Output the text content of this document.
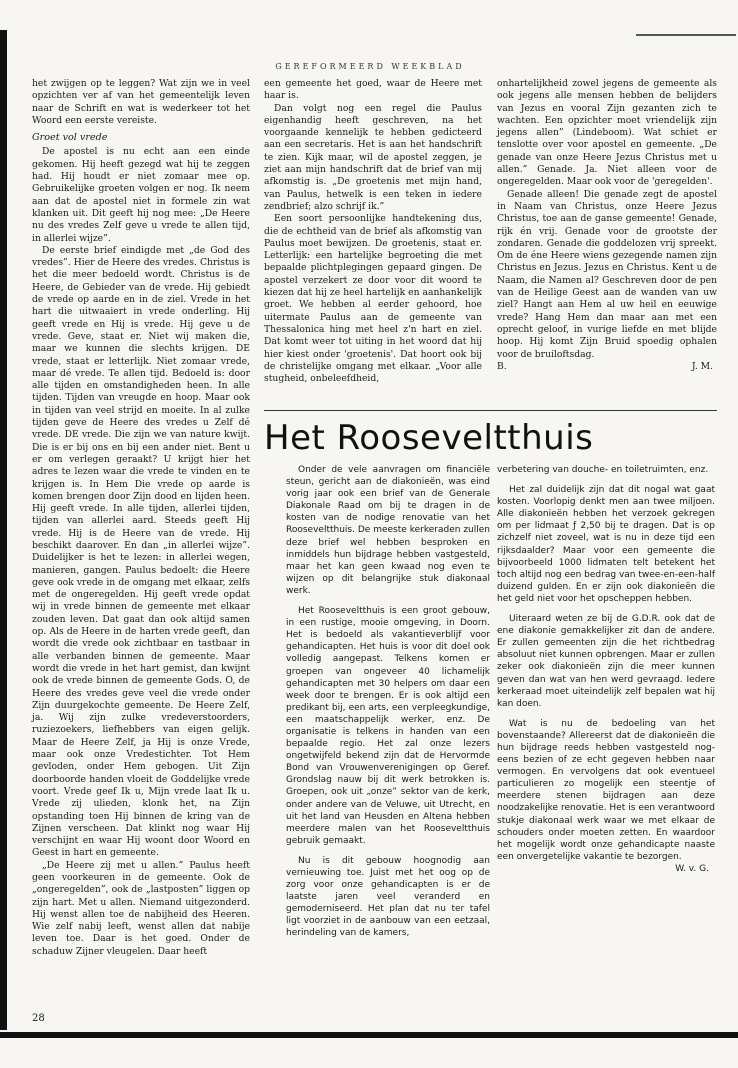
GEREFORMEERD WEEKBLAD

het zwijgen op te leggen? Wat zijn we in veel opzichten ver af van het gemeentelijk leven naar de Schrift en wat is wederkeer tot het Woord een eerste vereiste.

Groet vol vrede

De apostel is nu echt aan een einde gekomen. Hij heeft gezegd wat hij te zeggen had. Hij houdt er niet zomaar mee op. Gebruikelijke groeten volgen er nog. Ik neem aan dat de apostel niet in formele zin wat klanken uit. Dit geeft hij nog mee: „De Heere nu des vredes Zelf geve u vrede te allen tijd, in allerlei wijze”.

De eerste brief eindigde met „de God des vredes”. Hier de Heere des vredes. Christus is het die meer bedoeld wordt. Christus is de Heere, de Gebieder van de vrede. Hij gebiedt de vrede op aarde en in de ziel. Vrede in het hart die uitwaaiert in vrede onderling. Hij geeft vrede en Hij is vrede. Hij geve u de vrede. Geve, staat er. Niet wij maken die, maar we kunnen die slechts krijgen. DE vrede, staat er letterlijk. Niet zomaar vrede, maar dé vrede. Te allen tijd. Bedoeld is: door alle tijden en omstandigheden heen. In alle tijden. Tijden van vreugde en hoop. Maar ook in tijden van veel strijd en moeite. In al zulke tijden geve de Heere des vredes u Zelf dé vrede. DE vrede. Die zijn we van nature kwijt. Die is er bij ons en bij een ander niet. Bent u er om verlegen geraakt? U krijgt hier het adres te lezen waar die vrede te vinden en te krijgen is. In Hem Die vrede op aarde is komen brengen door Zijn dood en lijden heen. Hij geeft vrede. In alle tijden, allerlei tijden, tijden van allerlei aard. Steeds geeft Hij vrede. Hij is de Heere van de vrede. Hij beschikt daarover. En dan „in allerlei wijze”. Duidelijker is het te lezen: in allerlei wegen, manieren, gangen. Paulus bedoelt: die Heere geve ook vrede in de omgang met elkaar, zelfs met de ongeregelden. Hij geeft vrede opdat wij in vrede binnen de gemeente met elkaar zouden leven. Dat gaat dan ook altijd samen op. Als de Heere in de harten vrede geeft, dan wordt die vrede ook zichtbaar en tastbaar in alle verbanden binnen de gemeente. Maar wordt die vrede in het hart gemist, dan kwijnt ook de vrede binnen de gemeente Gods. O, de Heere des vredes geve veel die vrede onder Zijn duurgekochte gemeente. De Heere Zelf, ja. Wij zijn zulke vredeverstoorders, ruziezoekers, liefhebbers van eigen gelijk. Maar de Heere Zelf, ja Hij is onze Vrede, maar ook onze Vredestichter. Tot Hem gevloden, onder Hem gebogen. Uit Zijn doorboorde handen vloeit de Goddelijke vrede voort. Vrede geef Ik u, Mijn vrede laat Ik u. Vrede zij ulieden, klonk het, na Zijn opstanding toen Hij binnen de kring van de Zijnen verscheen. Dat klinkt nog waar Hij verschijnt en waar Hij woont door Woord en Geest in hart en gemeente.

„De Heere zij met u allen.” Paulus heeft geen voorkeuren in de gemeente. Ook de „ongeregelden”, ook de „lastposten” liggen op zijn hart. Met u allen. Niemand uitgezonderd. Hij wenst allen toe de nabijheid des Heeren. Wie zelf nabij leeft, wenst allen dat nabije leven toe. Daar is het goed. Onder de schaduw Zijner vleugelen. Daar heeft

een gemeente het goed, waar de Heere met haar is.

Dan volgt nog een regel die Paulus eigenhandig heeft geschreven, na het voorgaande kennelijk te hebben gedicteerd aan een secretaris. Het is aan het handschrift te zien. Kijk maar, wil de apostel zeggen, je ziet aan mijn handschrift dat de brief van mij afkomstig is. „De groetenis met mijn hand, van Paulus, hetwelk is een teken in iedere zendbrief; alzo schrijf ik.”

Een soort persoonlijke handtekening dus, die de echtheid van de brief als afkomstig van Paulus moet bewijzen. De groetenis, staat er. Letterlijk: een hartelijke begroeting die met bepaalde plichtplegingen gepaard gingen. De apostel verzekert ze door voor dit woord te kiezen dat hij ze heel hartelijk en aanhankelijk groet. We hebben al eerder gehoord, hoe uitermate Paulus aan de gemeente van Thessalonica hing met heel z'n hart en ziel. Dat komt weer tot uiting in het woord dat hij hier kiest onder 'groetenis'. Dat hoort ook bij de christelijke omgang met elkaar. „Voor alle stugheid, onbeleefdheid,

onhartelijkheid zowel jegens de gemeente als ook jegens alle mensen hebben de belijders van Jezus en vooral Zijn gezanten zich te wachten. Een opzichter moet vriendelijk zijn jegens allen” (Lindeboom). Wat schiet er tenslotte over voor apostel en gemeente. „De genade van onze Heere Jezus Christus met u allen.” Genade. Ja. Niet alleen voor de ongeregelden. Maar ook voor de 'geregelden'.

Genade alleen! Die genade zegt de apostel in Naam van Christus, onze Heere Jezus Christus, toe aan de ganse gemeente! Genade, rijk én vrij. Genade voor de grootste der zondaren. Genade die goddelozen vrij spreekt. Om de éne Heere wiens gezegende namen zijn Christus en Jezus. Jezus en Christus. Kent u de Naam, die Namen al? Geschreven door de pen van de Heilige Geest aan de wanden van uw ziel? Hangt aan Hem al uw heil en eeuwige vrede? Hang Hem dan maar aan met een oprecht geloof, in vurige liefde en met blijde hoop. Hij komt Zijn Bruid spoedig ophalen voor de bruiloftsdag.

B.	J. M.
Het Rooseveltthuis

Onder de vele aanvragen om financiële steun, gericht aan de diakonieën, was eind vorig jaar ook een brief van de Generale Diakonale Raad om bij te dragen in de kosten van de nodige renovatie van het Rooseveltthuis. De meeste kerkeraden zullen deze brief wel hebben besproken en inmiddels hun bijdrage hebben vastgesteld, maar het kan geen kwaad nog even te wijzen op dit belangrijke stuk diakonaal werk.

Het Rooseveltthuis is een groot gebouw, in een rustige, mooie omgeving, in Doorn. Het is bedoeld als vakantieverblijf voor gehandicapten. Het huis is voor dit doel ook volledig aangepast. Telkens komen er groepen van ongeveer 40 lichamelijk gehandicapten met 30 helpers om daar een week door te brengen. Er is ook altijd een predikant bij, een arts, een verpleegkundige, een maatschappelijk werker, enz. De organisatie is telkens in handen van een bepaalde regio. Het zal onze lezers ongetwijfeld bekend zijn dat de Hervormde Bond van Vrouwenverenigingen op Geref. Grondslag nauw bij dit werk betrokken is. Groepen, ook uit „onze” sektor van de kerk, onder andere van de Veluwe, uit Utrecht, en uit het land van Heusden en Altena hebben meerdere malen van het Rooseveltthuis gebruik gemaakt.

Nu is dit gebouw hoognodig aan vernieuwing toe. Juist met het oog op de zorg voor onze gehandicapten is er de laatste jaren veel veranderd en gemoderniseerd. Het plan dat nu ter tafel ligt voorziet in de aanbouw van een eetzaal, herindeling van de kamers,

verbetering van douche- en toiletruimten, enz.

Het zal duidelijk zijn dat dit nogal wat gaat kosten. Voorlopig denkt men aan twee miljoen. Alle diakonieën hebben het verzoek gekregen om per lidmaat ƒ 2,50 bij te dragen. Dat is op zichzelf niet zoveel, wat is nu in deze tijd een rijksdaalder? Maar voor een gemeente die bijvoorbeeld 1000 lidmaten telt betekent het toch altijd nog een bedrag van twee-en-een-half duizend gulden. En er zijn ook diakonieën die het geld niet voor het opscheppen hebben.

Uiteraard weten ze bij de G.D.R. ook dat de ene diakonie gemakkelijker zit dan de andere. Er zullen gemeenten zijn die het richtbedrag absoluut niet kunnen opbrengen. Maar er zullen zeker ook diakonieën zijn die meer kunnen geven dan wat van hen werd gevraagd. Iedere kerkeraad moet uiteindelijk zelf bepalen wat hij kan doen.

Wat is nu de bedoeling van het bovenstaande? Allereerst dat de diakonieën die hun bijdrage reeds hebben vastgesteld nog-eens bezien of ze echt gegeven hebben naar vermogen. En vervolgens dat ook eventueel particulieren zo mogelijk een steentje of meerdere stenen bijdragen aan deze noodzakelijke renovatie. Het is een verantwoord stukje diakonaal werk waar we met elkaar de schouders onder moeten zetten. En waardoor het mogelijk wordt onze gehandicapte naaste een onvergetelijke vakantie te bezorgen.

W. v. G.
28
